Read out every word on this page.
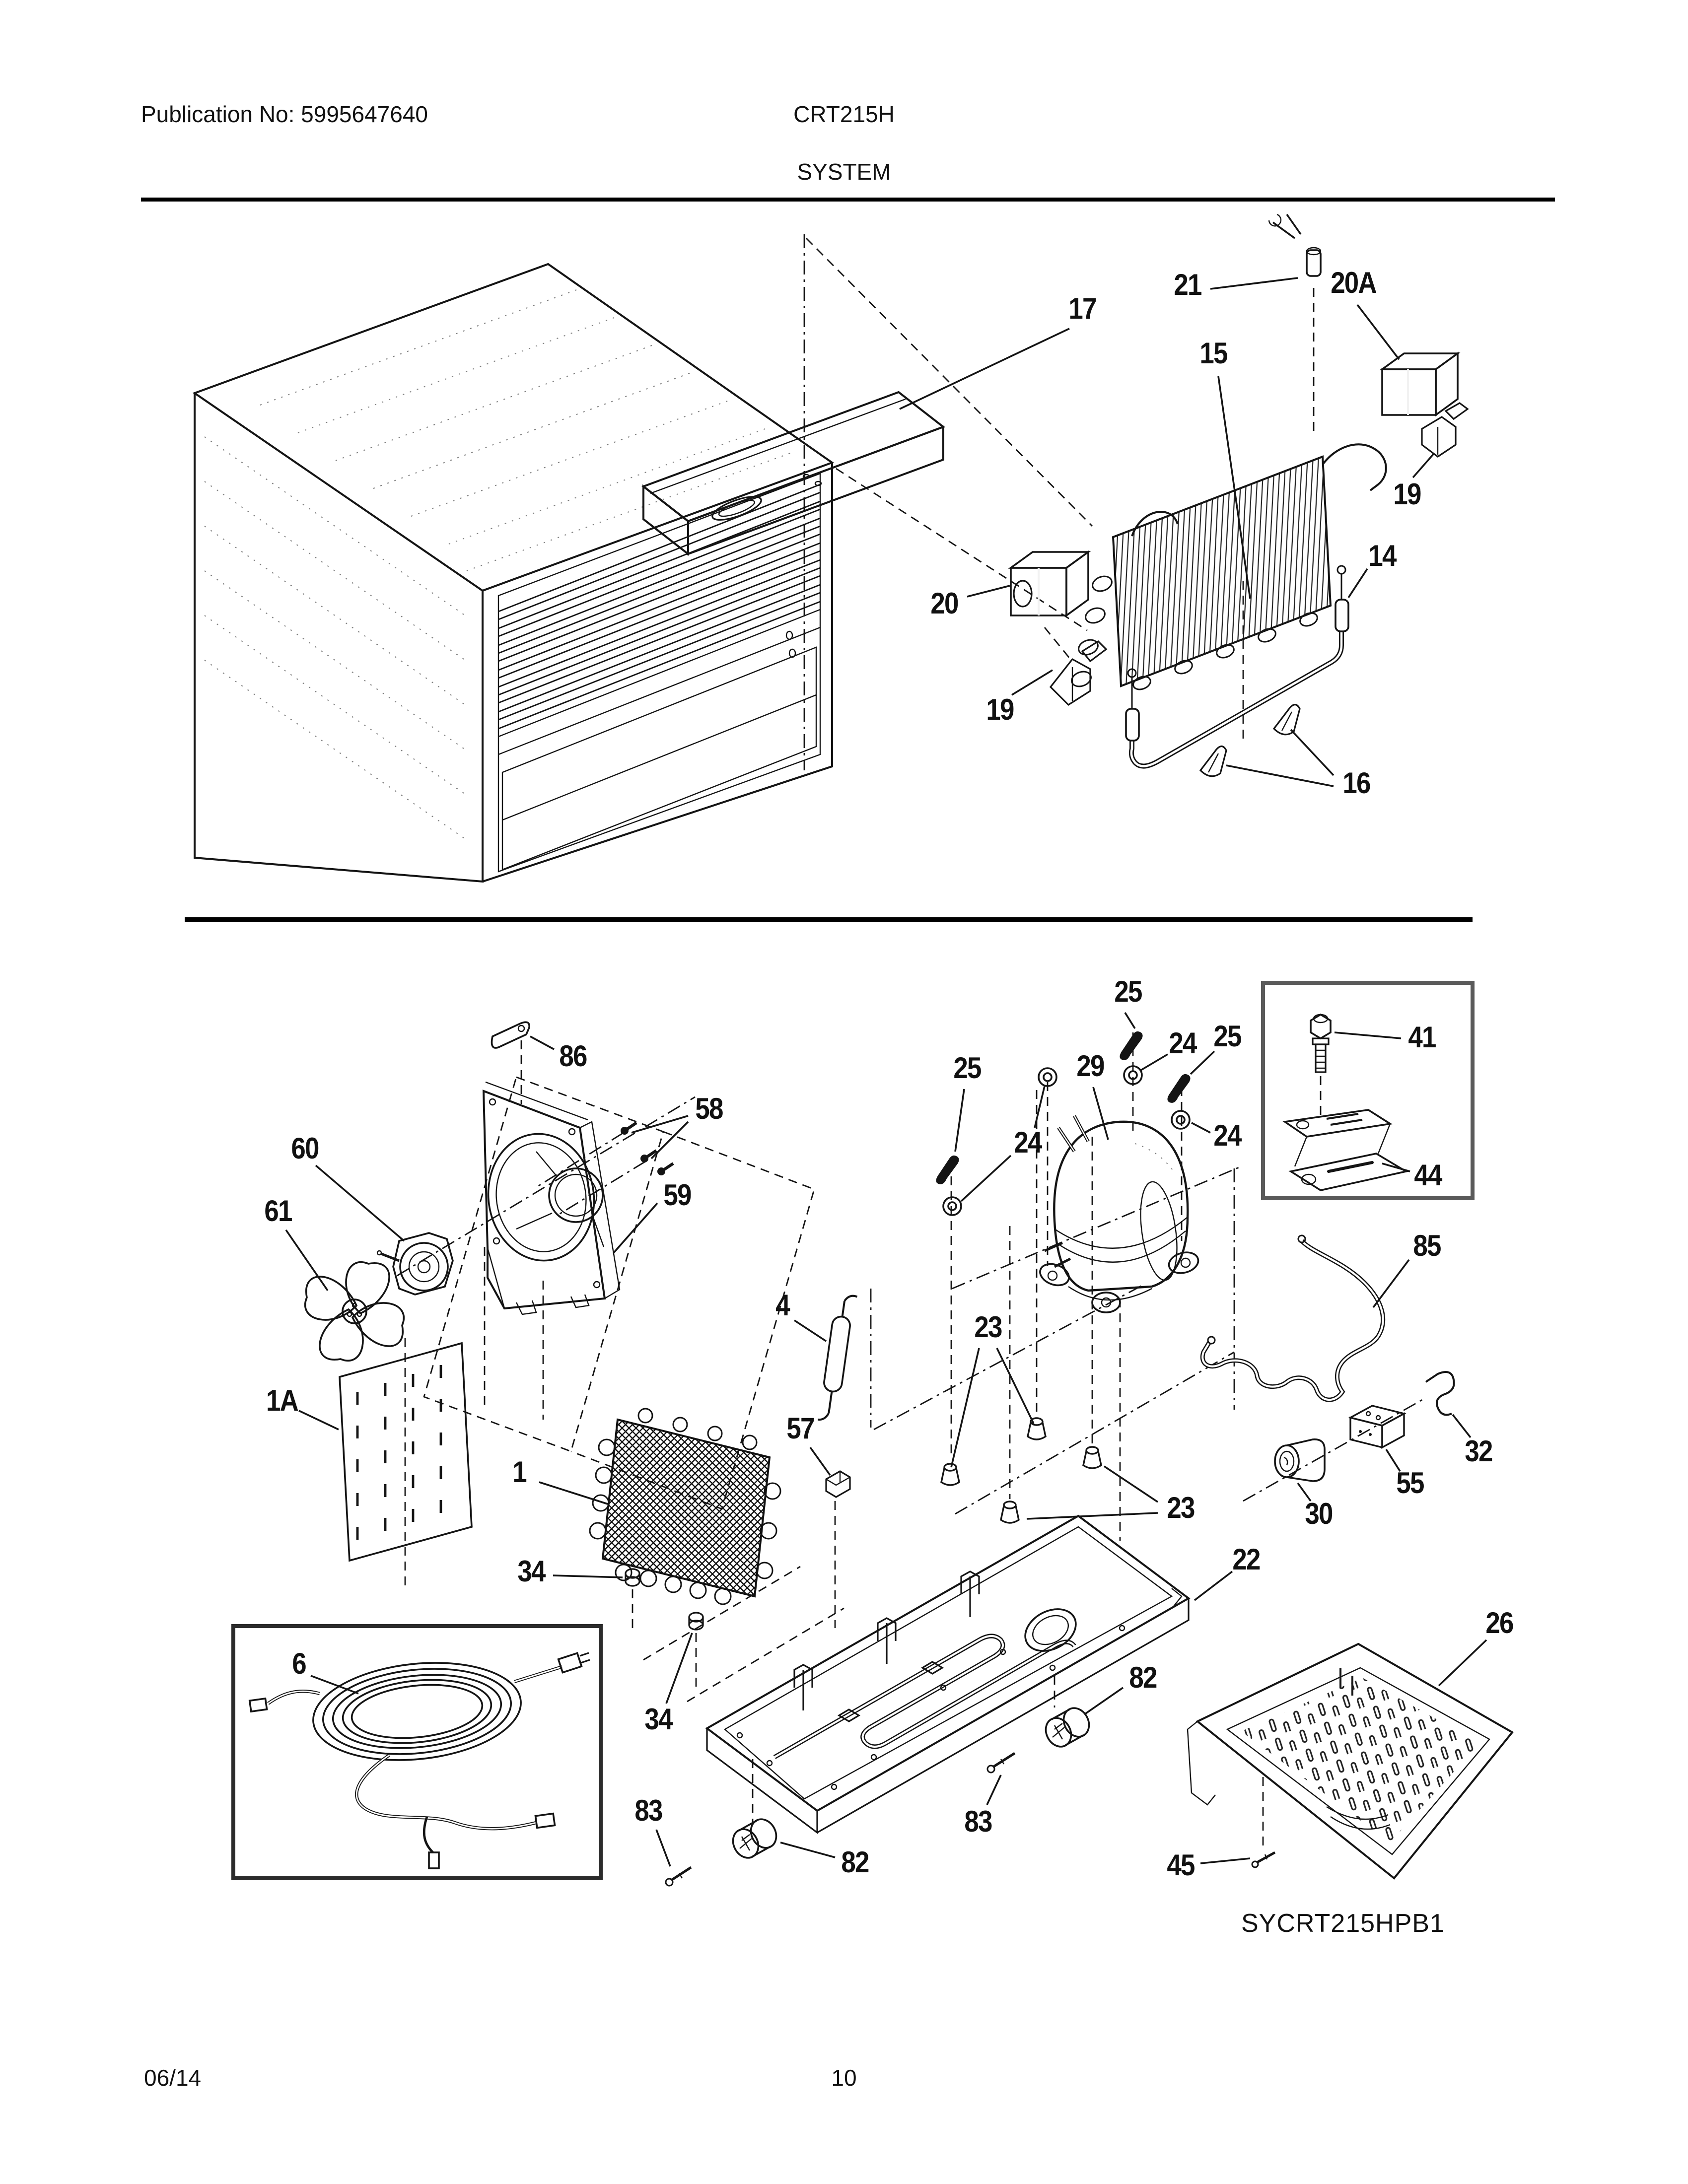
Publication No: 5995647640	CRT215H
SYSTEM
17
21	20A
15
19
14
20
19
16
86
58
60
59
61
1A
25
24 25
29
25
24
24
41
44
85
4
23
57
1
32
55
30
23
22
26
34
34
6	82
83
83
82	45
SYCRT215HPB1
06/14	10
